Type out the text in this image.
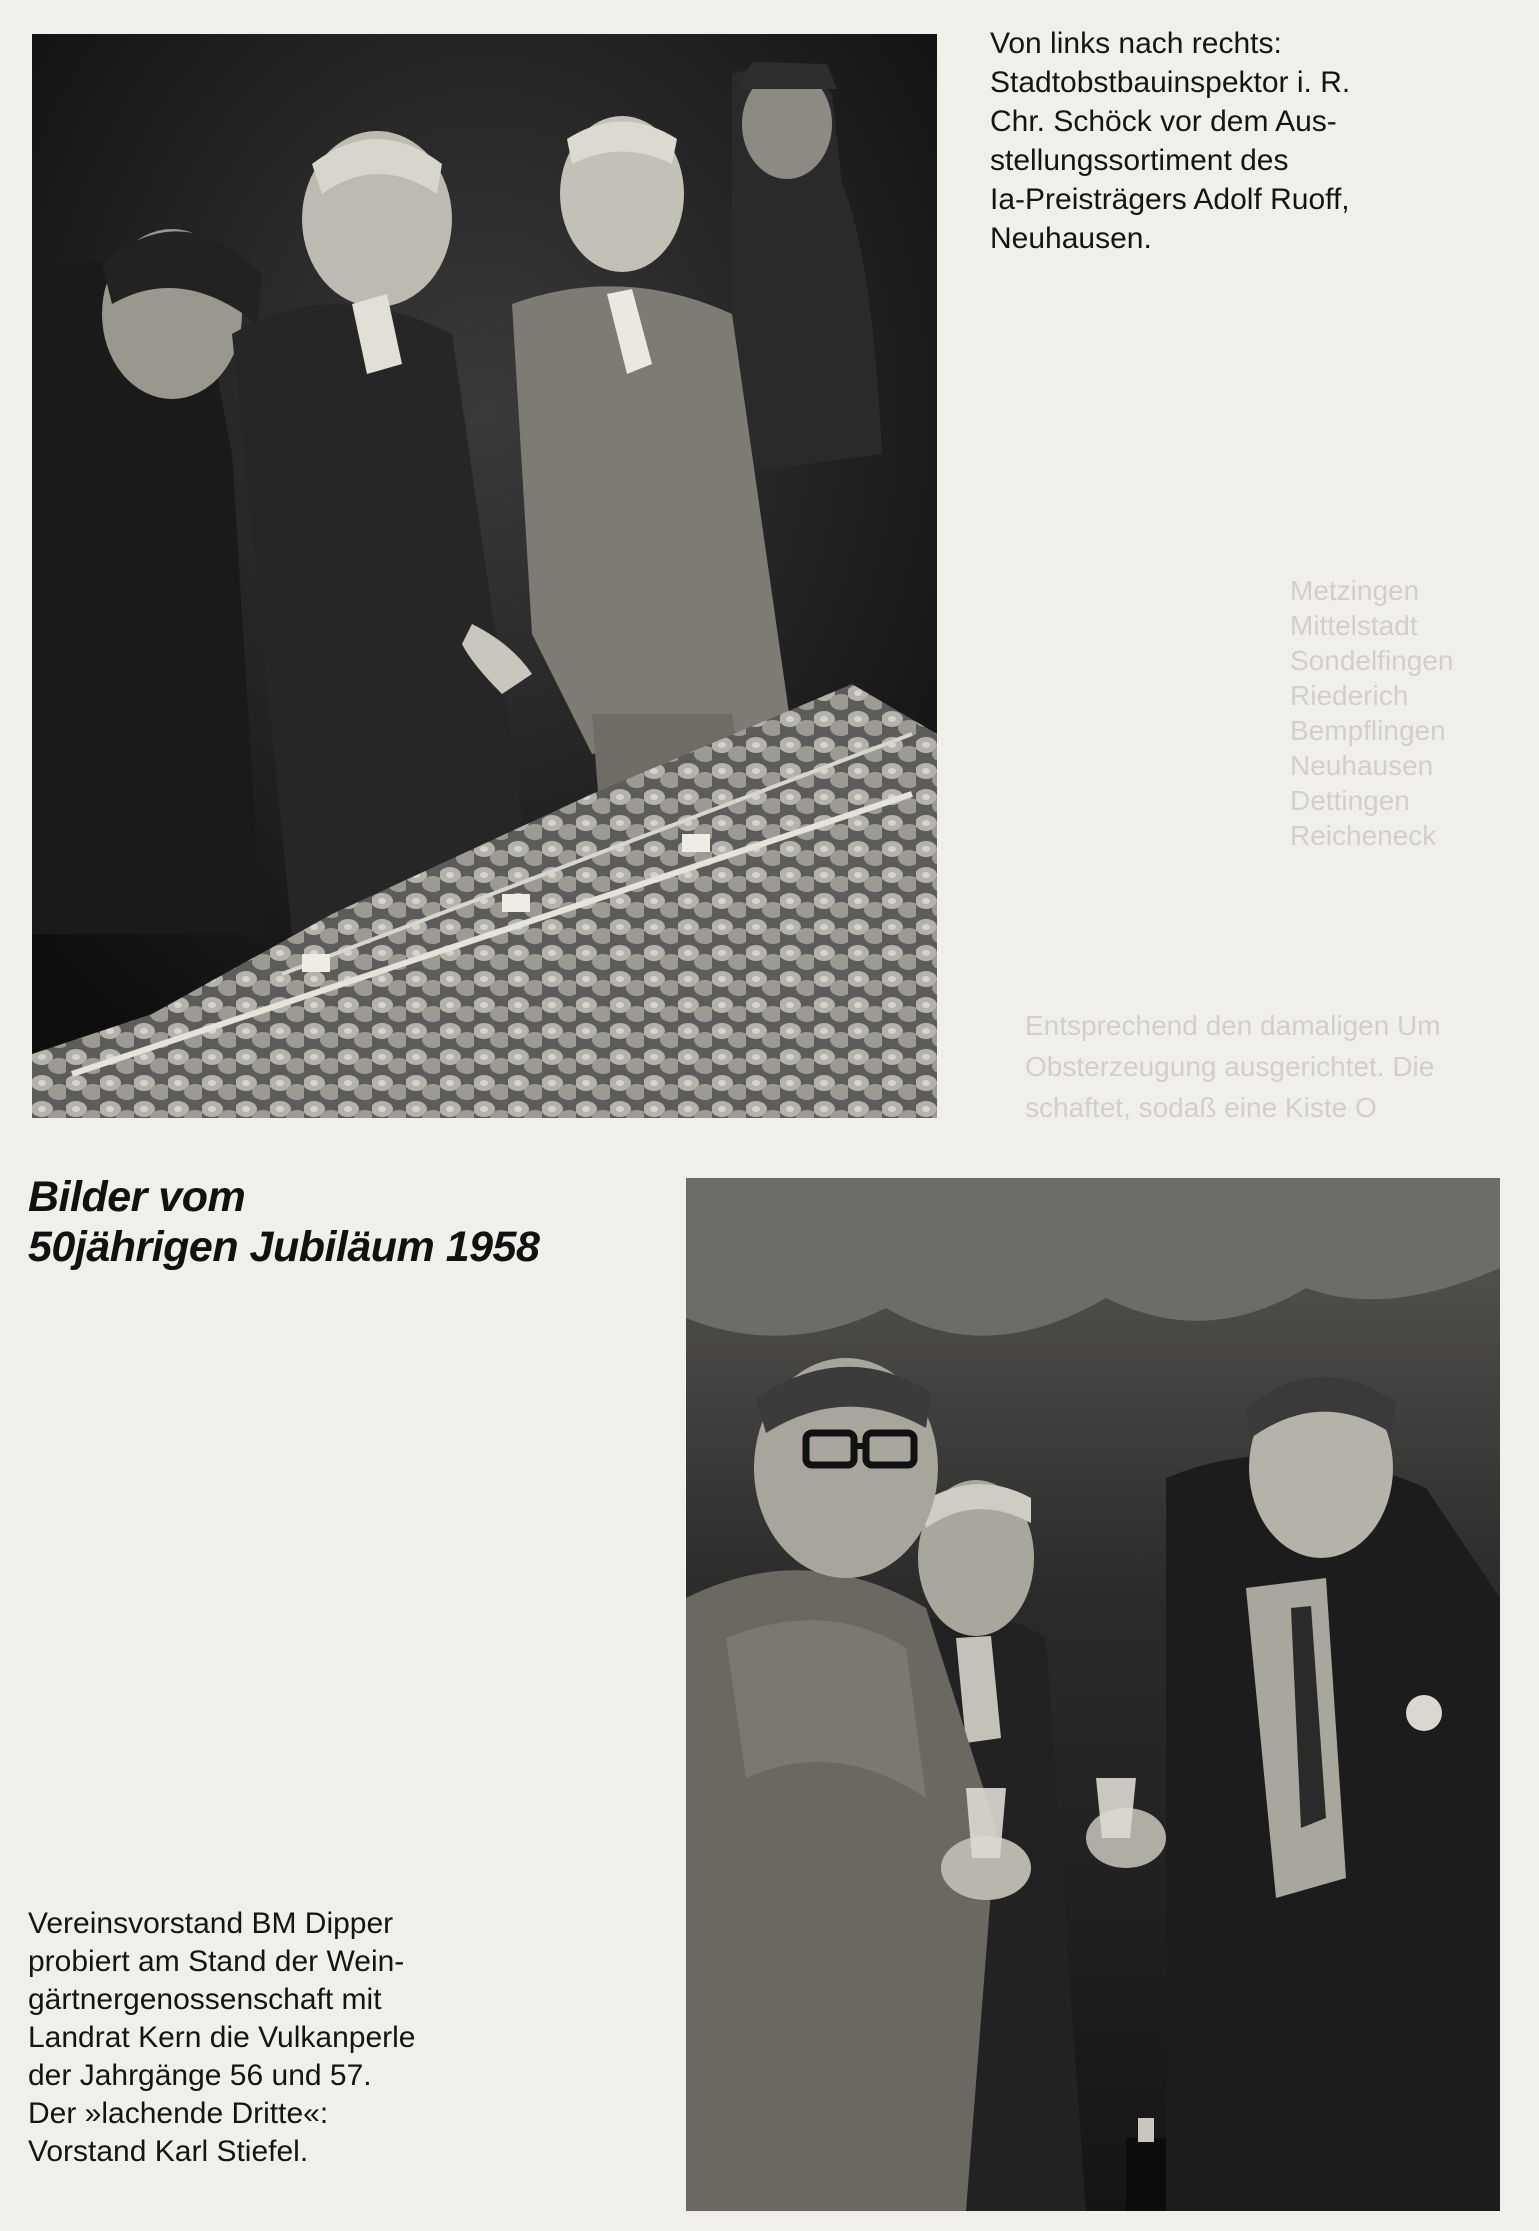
Metzingen
Mittelstadt
Sondelfingen
Riederich
Bempflingen
Neuhausen
Dettingen
Reicheneck
Entsprechend den damaligen Um
Obsterzeugung ausgerichtet. Die
schaftet, sodaß eine Kiste O
Von links nach rechts:
Stadtobstbauinspektor i. R.
Chr. Schöck vor dem Aus-
stellungssortiment des
Ia-Preisträgers Adolf Ruoff,
Neuhausen.
Bilder vom
50jährigen Jubiläum 1958
Vereinsvorstand BM Dipper
probiert am Stand der Wein-
gärtnergenossenschaft mit
Landrat Kern die Vulkanperle
der Jahrgänge 56 und 57.
Der »lachende Dritte«:
Vorstand Karl Stiefel.
